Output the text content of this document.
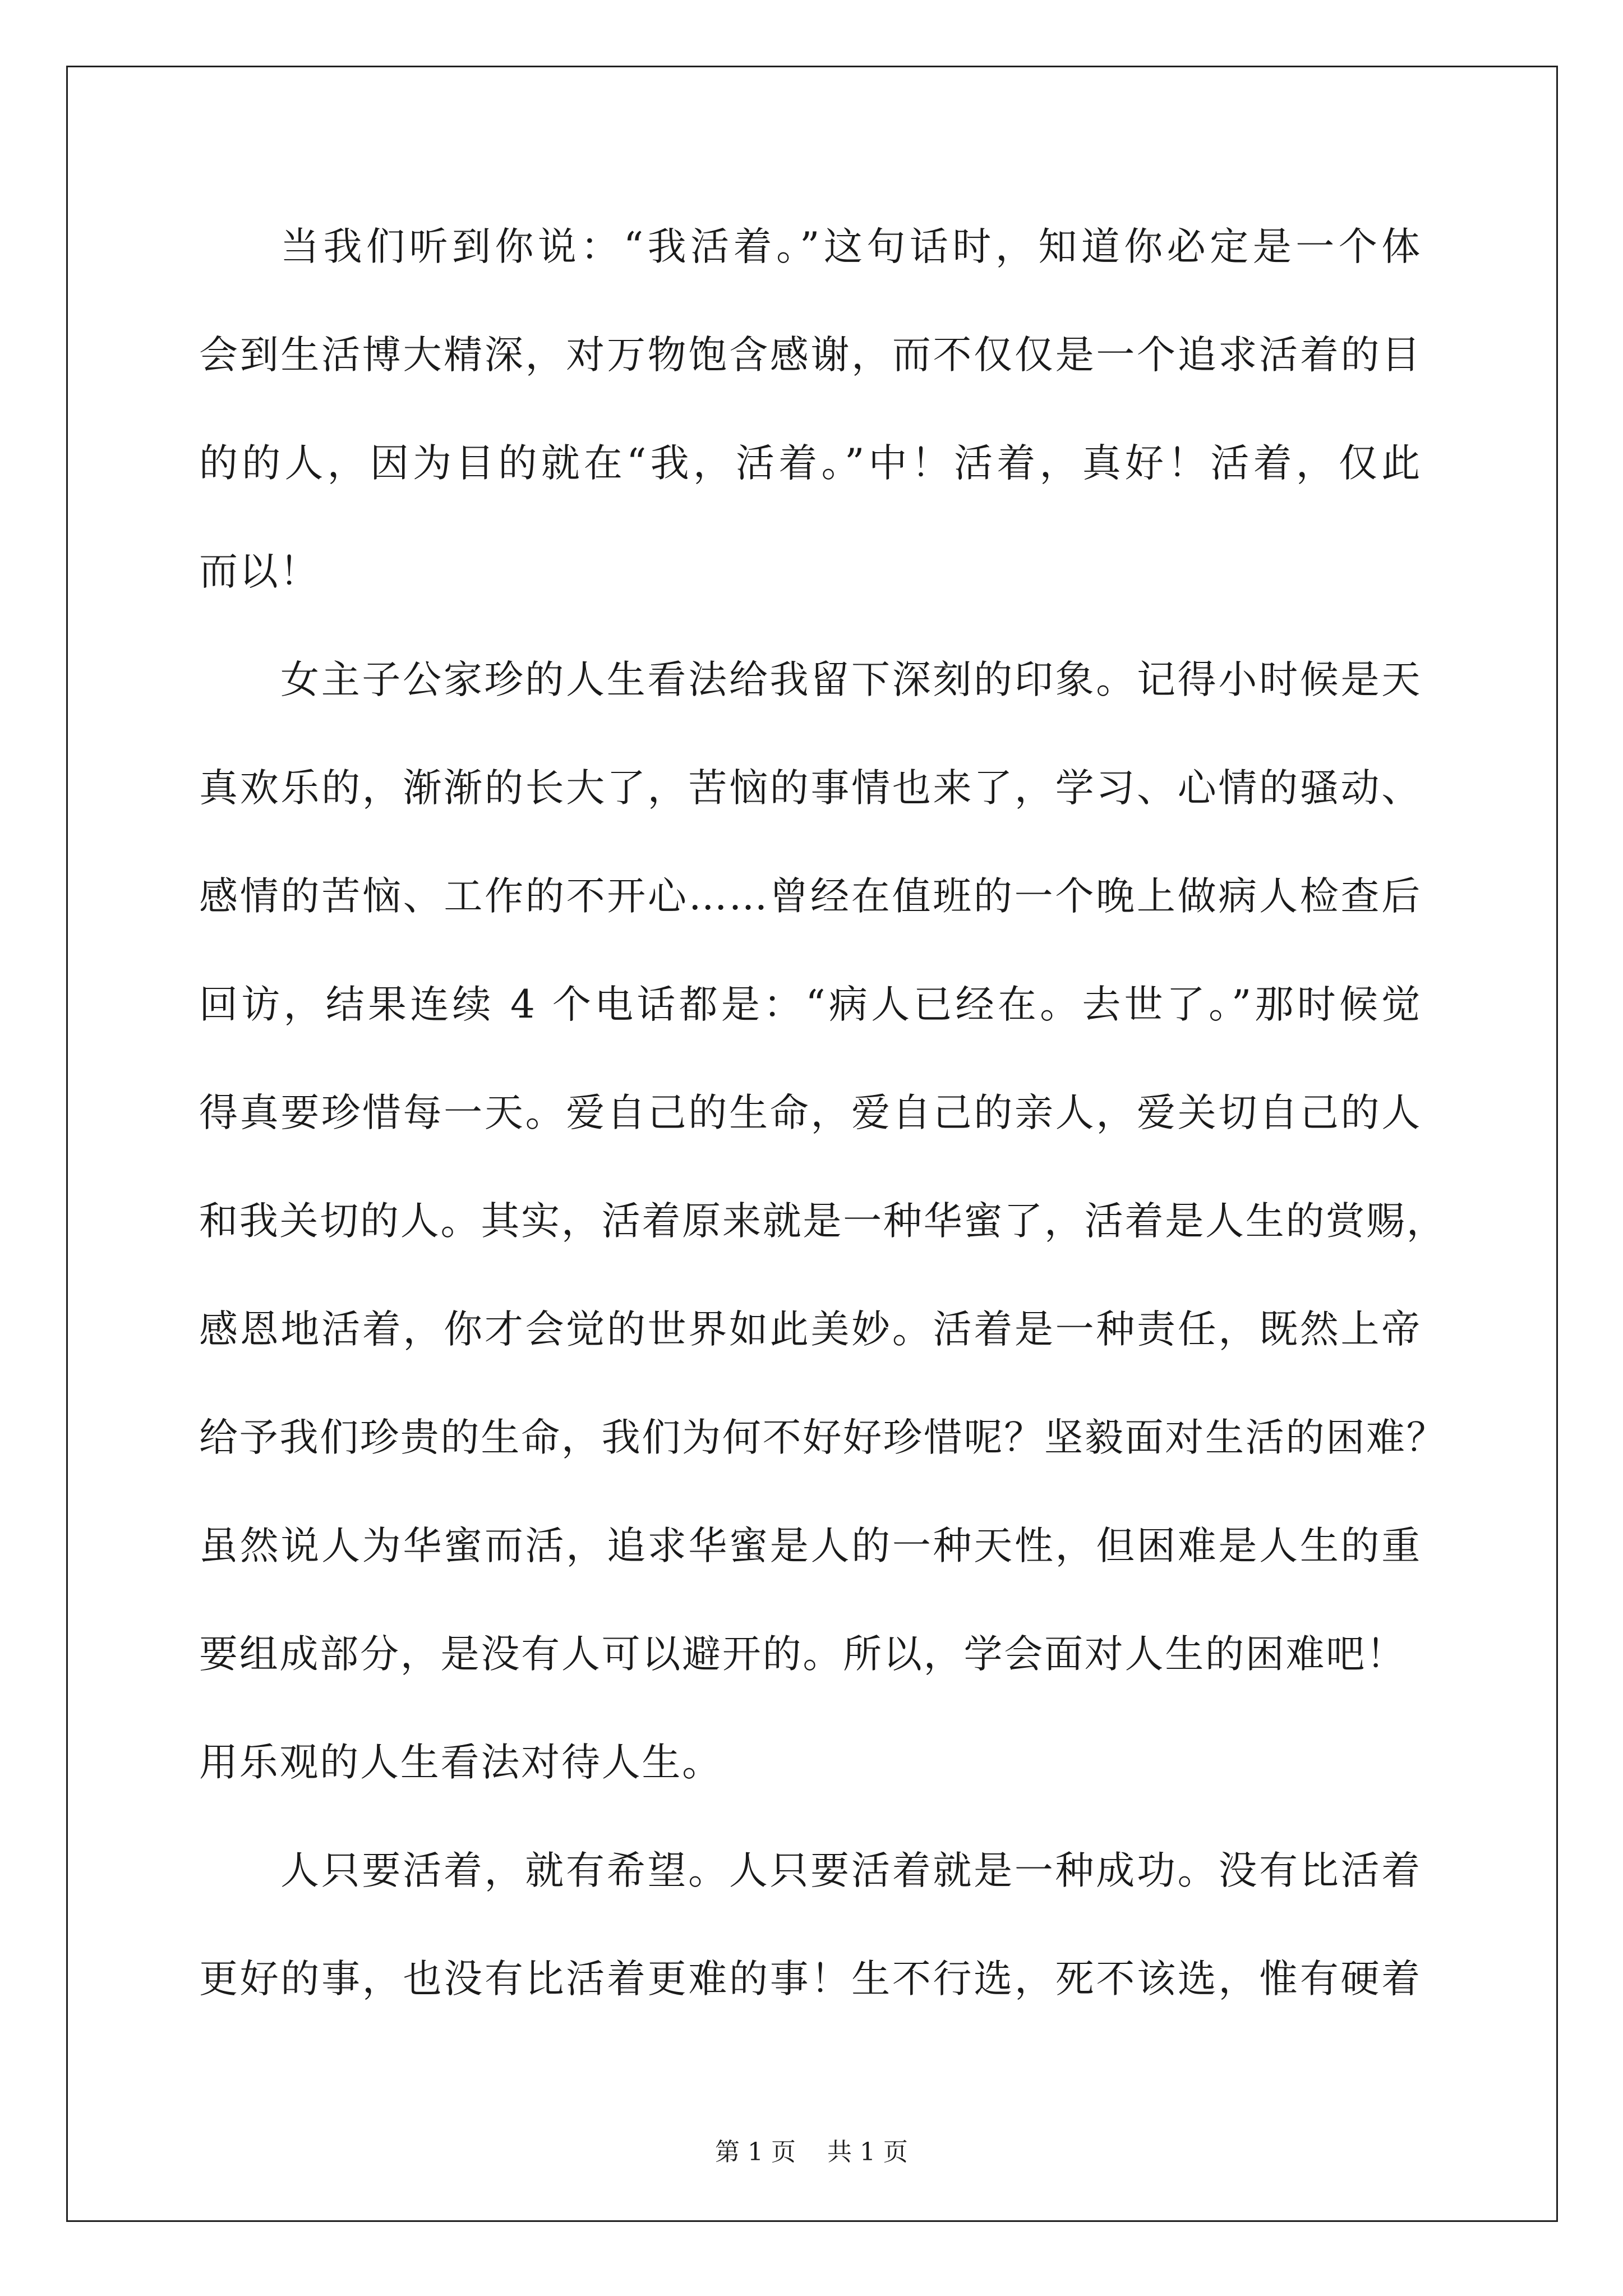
当我们听到你说：“我活着。”这句话时，知道你必定是一个体
会到生活博大精深，对万物饱含感谢，而不仅仅是一个追求活着的目
的的人，因为目的就在“我，活着。”中！活着，真好！活着，仅此
而以！
女主子公家珍的人生看法给我留下深刻的印象。记得小时候是天
真欢乐的，渐渐的长大了，苦恼的事情也来了，学习、心情的骚动、
感情的苦恼、工作的不开心……曾经在值班的一个晚上做病人检查后
回访，结果连续 4 个电话都是：“病人已经在。去世了。”那时候觉
得真要珍惜每一天。爱自己的生命，爱自己的亲人，爱关切自己的人
和我关切的人。其实，活着原来就是一种华蜜了，活着是人生的赏赐，
感恩地活着，你才会觉的世界如此美妙。活着是一种责任，既然上帝
给予我们珍贵的生命，我们为何不好好珍惜呢？坚毅面对生活的困难？
虽然说人为华蜜而活，追求华蜜是人的一种天性，但困难是人生的重
要组成部分，是没有人可以避开的。所以，学会面对人生的困难吧！
用乐观的人生看法对待人生。
人只要活着，就有希望。人只要活着就是一种成功。没有比活着
更好的事，也没有比活着更难的事！生不行选，死不该选，惟有硬着
第 1 页    共 1 页
